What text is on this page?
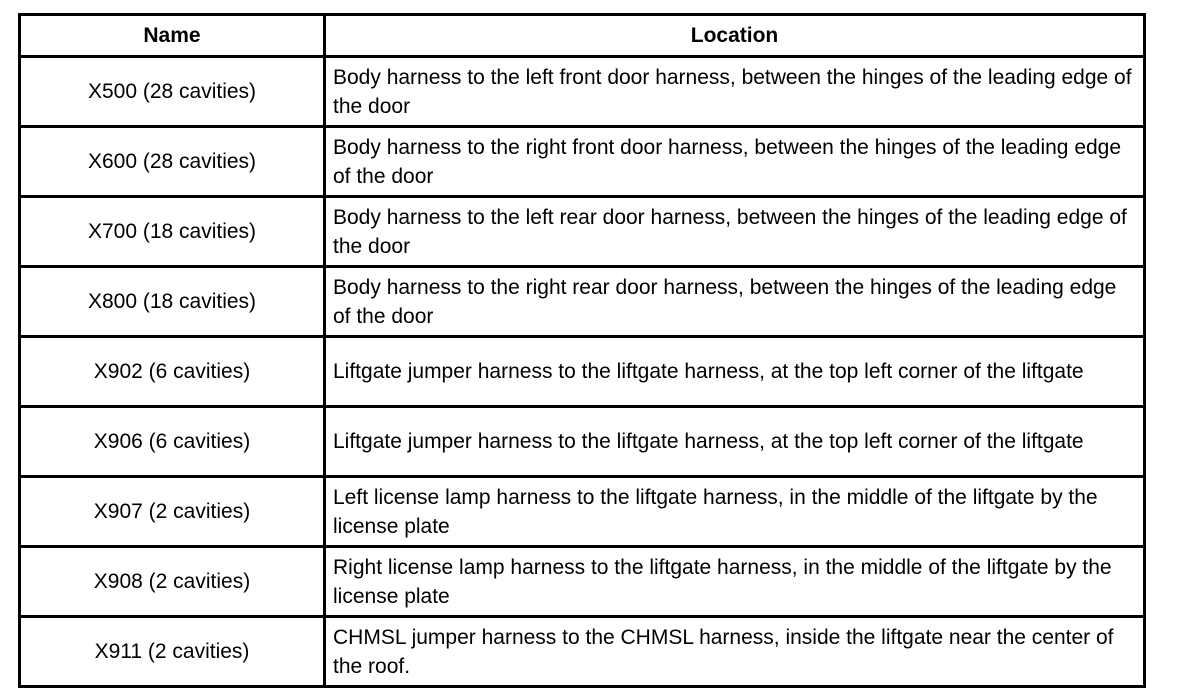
Name	Location
X500 (28 cavities)	Body harness to the left front door harness, between the hinges of the leading edge of the door
X600 (28 cavities)	Body harness to the right front door harness, between the hinges of the leading edge of the door
X700 (18 cavities)	Body harness to the left rear door harness, between the hinges of the leading edge of the door
X800 (18 cavities)	Body harness to the right rear door harness, between the hinges of the leading edge of the door
X902 (6 cavities)	Liftgate jumper harness to the liftgate harness, at the top left corner of the liftgate
X906 (6 cavities)	Liftgate jumper harness to the liftgate harness, at the top left corner of the liftgate
X907 (2 cavities)	Left license lamp harness to the liftgate harness, in the middle of the liftgate by the license plate
X908 (2 cavities)	Right license lamp harness to the liftgate harness, in the middle of the liftgate by the license plate
X911 (2 cavities)	CHMSL jumper harness to the CHMSL harness, inside the liftgate near the center of the roof.
